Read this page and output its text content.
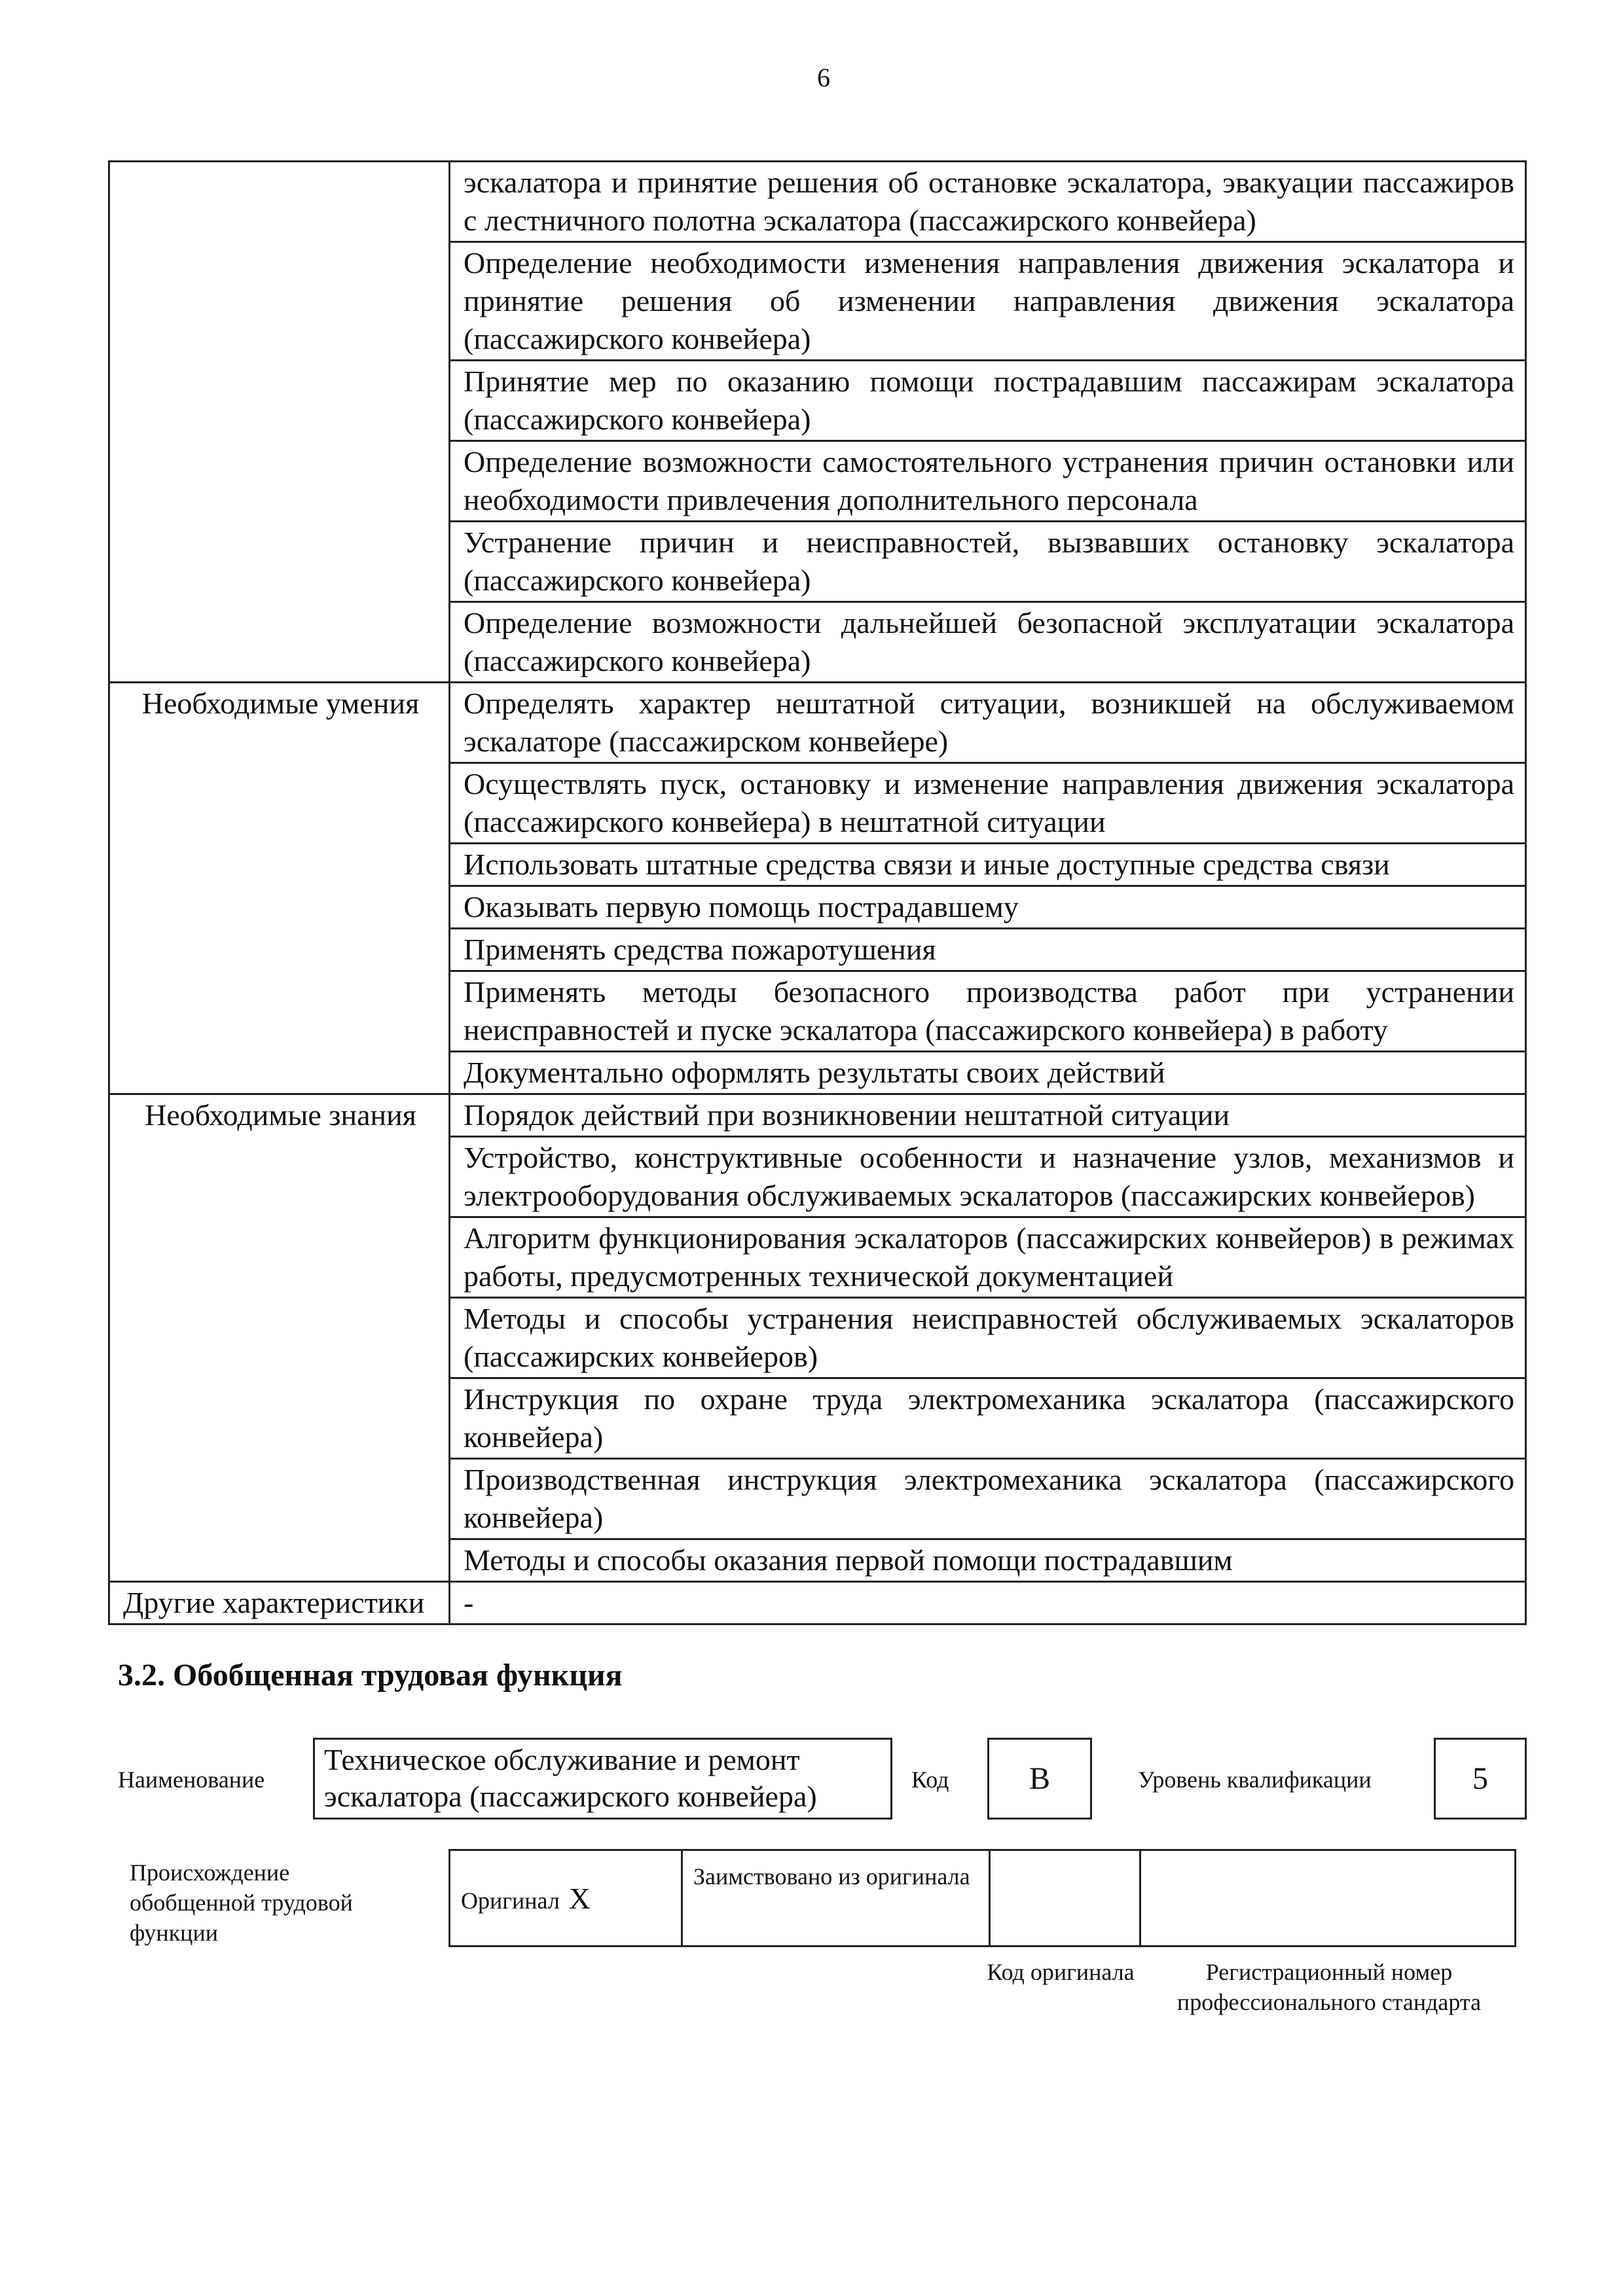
6
	эскалатора и принятие решения об остановке эскалатора, эвакуации пассажиров с лестничного полотна эскалатора (пассажирского конвейера)
	Определение необходимости изменения направления движения эскалатора и принятие решения об изменении направления движения эскалатора (пассажирского конвейера)
	Принятие мер по оказанию помощи пострадавшим пассажирам эскалатора (пассажирского конвейера)
	Определение возможности самостоятельного устранения причин остановки или необходимости привлечения дополнительного персонала
	Устранение причин и неисправностей, вызвавших остановку эскалатора (пассажирского конвейера)
	Определение возможности дальнейшей безопасной эксплуатации эскалатора (пассажирского конвейера)
Необходимые умения	Определять характер нештатной ситуации, возникшей на обслуживаемом эскалаторе (пассажирском конвейере)
	Осуществлять пуск, остановку и изменение направления движения эскалатора (пассажирского конвейера) в нештатной ситуации
	Использовать штатные средства связи и иные доступные средства связи
	Оказывать первую помощь пострадавшему
	Применять средства пожаротушения
	Применять методы безопасного производства работ при устранении неисправностей и пуске эскалатора (пассажирского конвейера) в работу
	Документально оформлять результаты своих действий
Необходимые знания	Порядок действий при возникновении нештатной ситуации
	Устройство, конструктивные особенности и назначение узлов, механизмов и электрооборудования обслуживаемых эскалаторов (пассажирских конвейеров)
	Алгоритм функционирования эскалаторов (пассажирских конвейеров) в режимах работы, предусмотренных технической документацией
	Методы и способы устранения неисправностей обслуживаемых эскалаторов (пассажирских конвейеров)
	Инструкция по охране труда электромеханика эскалатора (пассажирского конвейера)
	Производственная инструкция электромеханика эскалатора (пассажирского конвейера)
	Методы и способы оказания первой помощи пострадавшим
Другие характеристики	-
3.2. Обобщенная трудовая функция
Наименование
Техническое обслуживание и ремонт эскалатора (пассажирского конвейера)	Код	B	Уровень квалификации	5
Происхождение обобщенной трудовой функции
Оригинал X	Заимствовано из оригинала		
Код оригинала	Регистрационный номер профессионального стандарта
